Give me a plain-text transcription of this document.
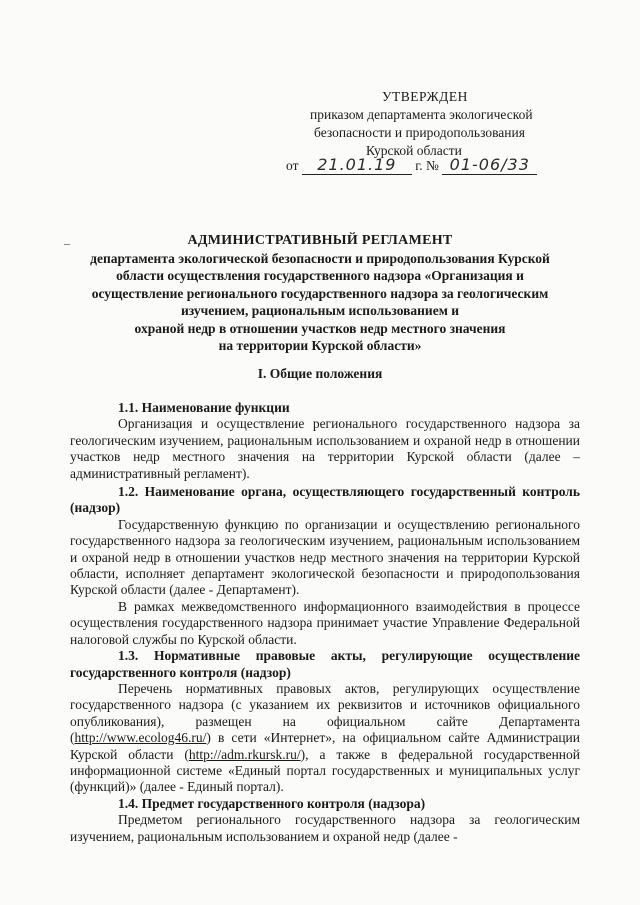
УТВЕРЖДЕН
приказом департамента экологической
безопасности и природопользования
Курской области
от 21.01.19 г. № 01-06/33
АДМИНИСТРАТИВНЫЙ РЕГЛАМЕНТ
департамента экологической безопасности и природопользования Курской
области осуществления государственного надзора «Организация и
осуществление регионального государственного надзора за геологическим
изучением, рациональным использованием и
охраной недр в отношении участков недр местного значения
на территории Курской области»
I. Общие положения

1.1. Наименование функции

Организация и осуществление регионального государственного надзора за геологическим изучением, рациональным использованием и охраной недр в отношении участков недр местного значения на территории Курской области (далее – административный регламент).

1.2. Наименование органа, осуществляющего государственный контроль (надзор)

Государственную функцию по организации и осуществлению регионального государственного надзора за геологическим изучением, рациональным использованием и охраной недр в отношении участков недр местного значения на территории Курской области, исполняет департамент экологической безопасности и природопользования Курской области (далее - Департамент).

В рамках межведомственного информационного взаимодействия в процессе осуществления государственного надзора принимает участие Управление Федеральной налоговой службы по Курской области.

1.3. Нормативные правовые акты, регулирующие осуществление государственного контроля (надзор)

Перечень нормативных правовых актов, регулирующих осуществление государственного надзора (с указанием их реквизитов и источников официального опубликования), размещен на официальном сайте Департамента (http://www.ecolog46.ru/) в сети «Интернет», на официальном сайте Администрации Курской области (http://adm.rkursk.ru/), а также в федеральной государственной информационной системе «Единый портал государственных и муниципальных услуг (функций)» (далее - Единый портал).

1.4. Предмет государственного контроля (надзора)

Предметом регионального государственного надзора за геологическим изучением, рациональным использованием и охраной недр (далее -
